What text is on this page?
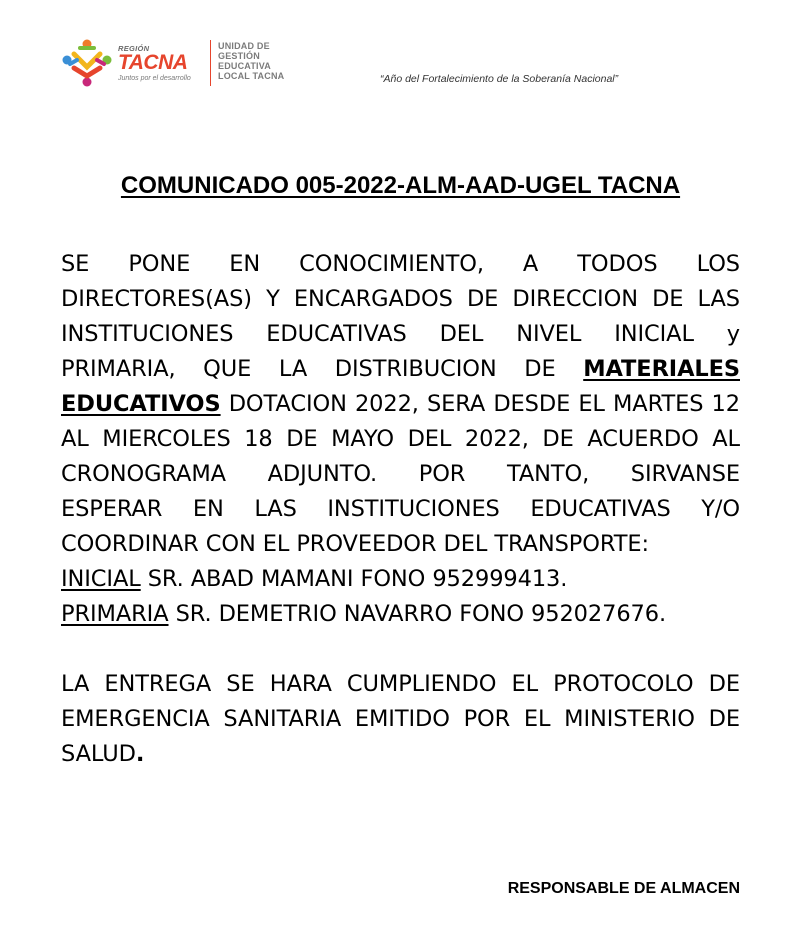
REGIÓN
TACNA
Juntos por el desarrollo
UNIDAD DE
GESTIÓN
EDUCATIVA
LOCAL TACNA	“Año del Fortalecimiento de la Soberanía Nacional”
COMUNICADO 005-2022-ALM-AAD-UGEL TACNA
SE PONE EN CONOCIMIENTO, A TODOS LOS
DIRECTORES(AS) Y ENCARGADOS DE DIRECCION DE LAS
INSTITUCIONES EDUCATIVAS DEL NIVEL INICIAL y
PRIMARIA, QUE LA DISTRIBUCION DE MATERIALES
EDUCATIVOS DOTACION 2022, SERA DESDE EL MARTES 12
AL MIERCOLES 18 DE MAYO DEL 2022, DE ACUERDO AL
CRONOGRAMA ADJUNTO. POR TANTO, SIRVANSE
ESPERAR EN LAS INSTITUCIONES EDUCATIVAS Y/O
COORDINAR CON EL PROVEEDOR DEL TRANSPORTE:
INICIAL SR. ABAD MAMANI FONO 952999413.
PRIMARIA SR. DEMETRIO NAVARRO FONO 952027676.
LA ENTREGA SE HARA CUMPLIENDO EL PROTOCOLO DE
EMERGENCIA SANITARIA EMITIDO POR EL MINISTERIO DE
SALUD.
RESPONSABLE DE ALMACEN
